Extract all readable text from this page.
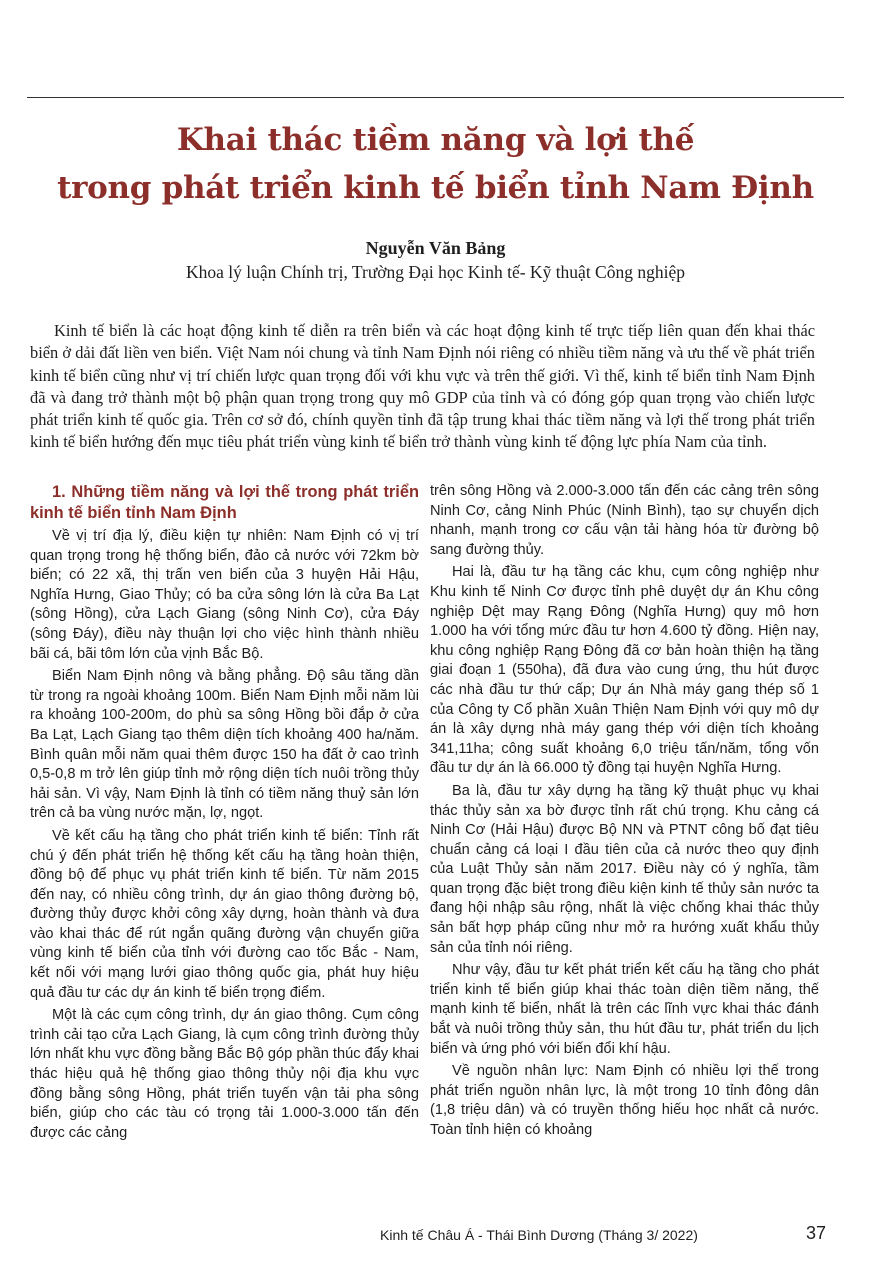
Khai thác tiềm năng và lợi thế
trong phát triển kinh tế biển tỉnh Nam Định
Nguyễn Văn Bảng
Khoa lý luận Chính trị, Trường Đại học Kinh tế- Kỹ thuật Công nghiệp

Kinh tế biển là các hoạt động kinh tế diễn ra trên biển và các hoạt động kinh tế trực tiếp liên quan đến khai thác biển ở dải đất liền ven biển. Việt Nam nói chung và tỉnh Nam Định nói riêng có nhiều tiềm năng và ưu thế về phát triển kinh tế biển cũng như vị trí chiến lược quan trọng đối với khu vực và trên thế giới. Vì thế, kinh tế biển tỉnh Nam Định đã và đang trở thành một bộ phận quan trọng trong quy mô GDP của tỉnh và có đóng góp quan trọng vào chiến lược phát triển kinh tế quốc gia. Trên cơ sở đó, chính quyền tỉnh đã tập trung khai thác tiềm năng và lợi thế trong phát triển kinh tế biển hướng đến mục tiêu phát triển vùng kinh tế biển trở thành vùng kinh tế động lực phía Nam của tỉnh.

1. Những tiềm năng và lợi thế trong phát triển kinh tế biển tỉnh Nam Định

Về vị trí địa lý, điều kiện tự nhiên: Nam Định có vị trí quan trọng trong hệ thống biển, đảo cả nước với 72km bờ biển; có 22 xã, thị trấn ven biển của 3 huyện Hải Hậu, Nghĩa Hưng, Giao Thủy; có ba cửa sông lớn là cửa Ba Lạt (sông Hồng), cửa Lạch Giang (sông Ninh Cơ), cửa Đáy (sông Đáy), điều này thuận lợi cho việc hình thành nhiều bãi cá, bãi tôm lớn của vịnh Bắc Bộ.

Biển Nam Định nông và bằng phẳng. Độ sâu tăng dần từ trong ra ngoài khoảng 100m. Biển Nam Định mỗi năm lùi ra khoảng 100-200m, do phù sa sông Hồng bồi đắp ở cửa Ba Lạt, Lạch Giang tạo thêm diện tích khoảng 400 ha/năm. Bình quân mỗi năm quai thêm được 150 ha đất ở cao trình 0,5-0,8 m trở lên giúp tỉnh mở rộng diện tích nuôi trồng thủy hải sản. Vì vậy, Nam Định là tỉnh có tiềm năng thuỷ sản lớn trên cả ba vùng nước mặn, lợ, ngọt.

Về kết cấu hạ tầng cho phát triển kinh tế biển: Tỉnh rất chú ý đến phát triển hệ thống kết cấu hạ tầng hoàn thiện, đồng bộ để phục vụ phát triển kinh tế biển. Từ năm 2015 đến nay, có nhiều công trình, dự án giao thông đường bộ, đường thủy được khởi công xây dựng, hoàn thành và đưa vào khai thác để rút ngắn quãng đường vận chuyển giữa vùng kinh tế biển của tỉnh với đường cao tốc Bắc - Nam, kết nối với mạng lưới giao thông quốc gia, phát huy hiệu quả đầu tư các dự án kinh tế biển trọng điểm.

Một là các cụm công trình, dự án giao thông. Cụm công trình cải tạo cửa Lạch Giang, là cụm công trình đường thủy lớn nhất khu vực đồng bằng Bắc Bộ góp phần thúc đẩy khai thác hiệu quả hệ thống giao thông thủy nội địa khu vực đồng bằng sông Hồng, phát triển tuyến vận tải pha sông biển, giúp cho các tàu có trọng tải 1.000-3.000 tấn đến được các cảng

trên sông Hồng và 2.000-3.000 tấn đến các cảng trên sông Ninh Cơ, cảng Ninh Phúc (Ninh Bình), tạo sự chuyển dịch nhanh, mạnh trong cơ cấu vận tải hàng hóa từ đường bộ sang đường thủy.

Hai là, đầu tư hạ tầng các khu, cụm công nghiệp như Khu kinh tế Ninh Cơ được tỉnh phê duyệt dự án Khu công nghiệp Dệt may Rạng Đông (Nghĩa Hưng) quy mô hơn 1.000 ha với tổng mức đầu tư hơn 4.600 tỷ đồng. Hiện nay, khu công nghiệp Rạng Đông đã cơ bản hoàn thiện hạ tầng giai đoạn 1 (550ha), đã đưa vào cung ứng, thu hút được các nhà đầu tư thứ cấp; Dự án Nhà máy gang thép số 1 của Công ty Cổ phần Xuân Thiện Nam Định với quy mô dự án là xây dựng nhà máy gang thép với diện tích khoảng 341,11ha; công suất khoảng 6,0 triệu tấn/năm, tổng vốn đầu tư dự án là 66.000 tỷ đồng tại huyện Nghĩa Hưng.

Ba là, đầu tư xây dựng hạ tầng kỹ thuật phục vụ khai thác thủy sản xa bờ được tỉnh rất chú trọng. Khu cảng cá Ninh Cơ (Hải Hậu) được Bộ NN và PTNT công bố đạt tiêu chuẩn cảng cá loại I đầu tiên của cả nước theo quy định của Luật Thủy sản năm 2017. Điều này có ý nghĩa, tầm quan trọng đặc biệt trong điều kiện kinh tế thủy sản nước ta đang hội nhập sâu rộng, nhất là việc chống khai thác thủy sản bất hợp pháp cũng như mở ra hướng xuất khẩu thủy sản của tỉnh nói riêng.

Như vậy, đầu tư kết phát triển kết cấu hạ tầng cho phát triển kinh tế biển giúp khai thác toàn diện tiềm năng, thế mạnh kinh tế biển, nhất là trên các lĩnh vực khai thác đánh bắt và nuôi trồng thủy sản, thu hút đầu tư, phát triển du lịch biển và ứng phó với biến đổi khí hậu.

Về nguồn nhân lực: Nam Định có nhiều lợi thế trong phát triển nguồn nhân lực, là một trong 10 tỉnh đông dân (1,8 triệu dân) và có truyền thống hiếu học nhất cả nước. Toàn tỉnh hiện có khoảng

Kinh tế Châu Á - Thái Bình Dương (Tháng 3/ 2022)	37
